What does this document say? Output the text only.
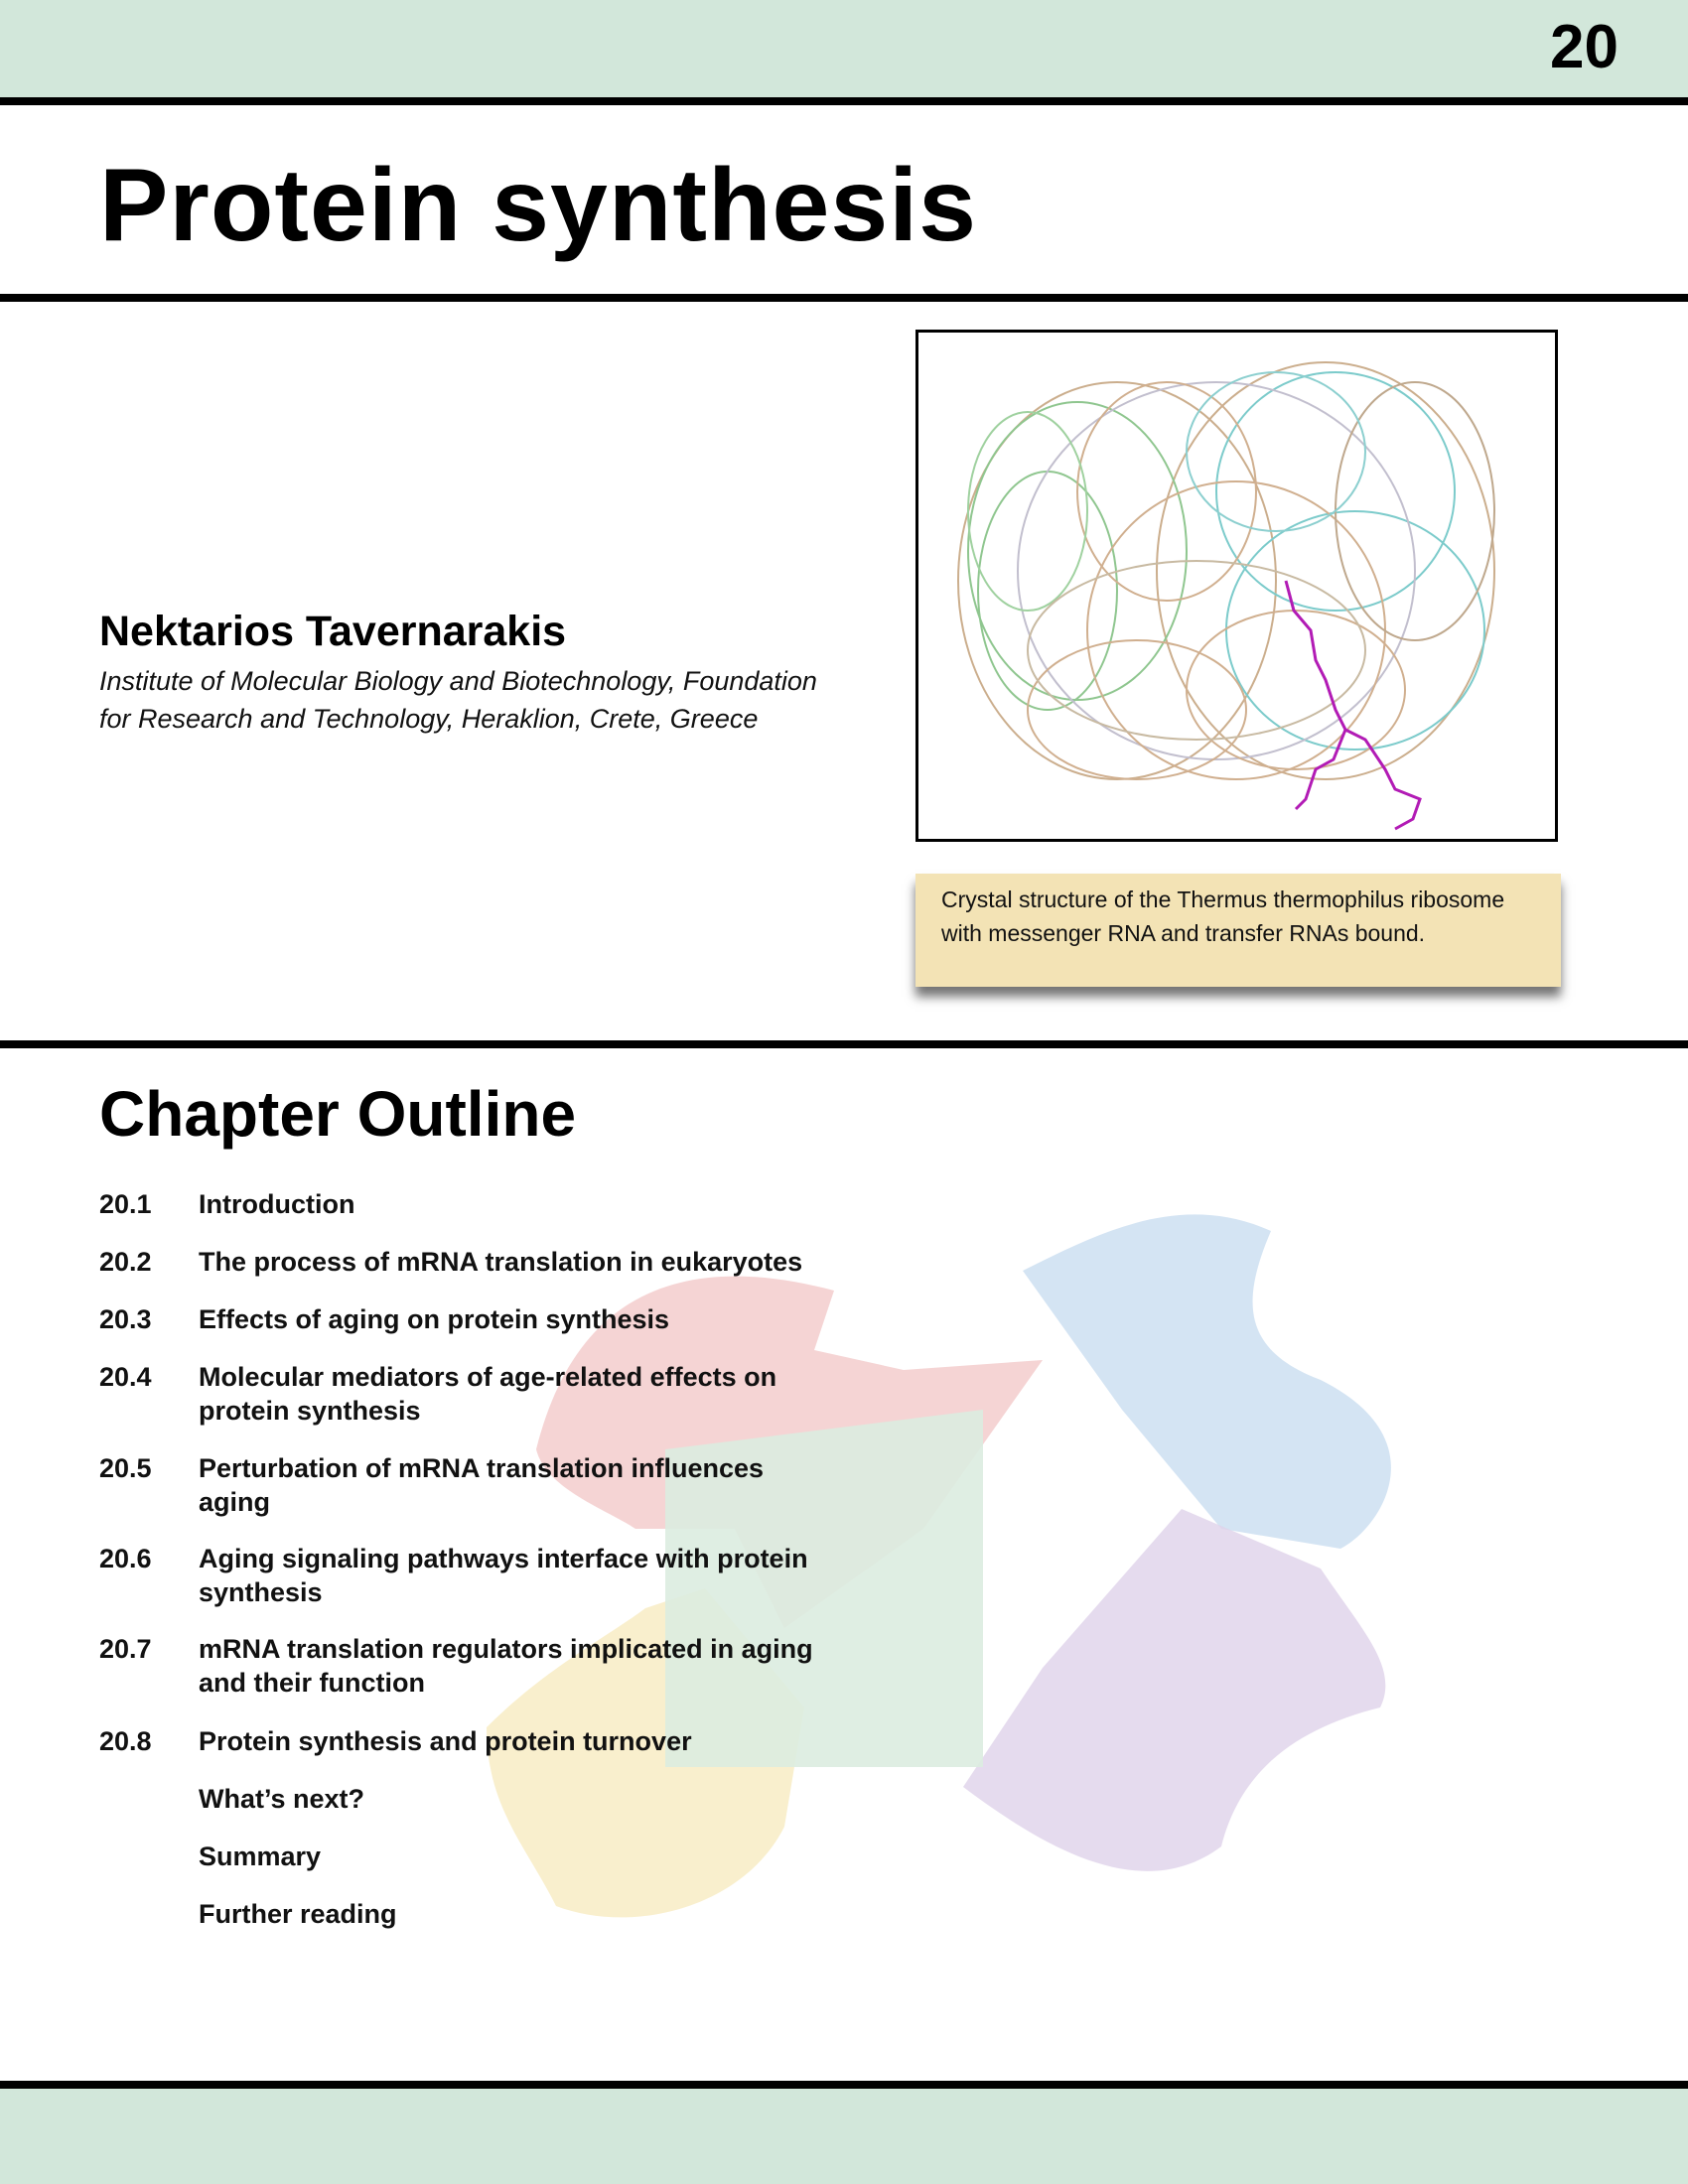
20
Protein synthesis
Nektarios Tavernarakis
Institute of Molecular Biology and Biotechnology, Foundation for Research and Technology, Heraklion, Crete, Greece
Crystal structure of the Thermus thermophilus ribosome with messenger RNA and transfer RNAs bound.
Chapter Outline
20.1	Introduction
20.2	The process of mRNA translation in eukaryotes
20.3	Effects of aging on protein synthesis
20.4	Molecular mediators of age-related effects on protein synthesis
20.5	Perturbation of mRNA translation influences aging
20.6	Aging signaling pathways interface with protein synthesis
20.7	mRNA translation regulators implicated in aging and their function
20.8	Protein synthesis and protein turnover
What’s next?
Summary
Further reading
